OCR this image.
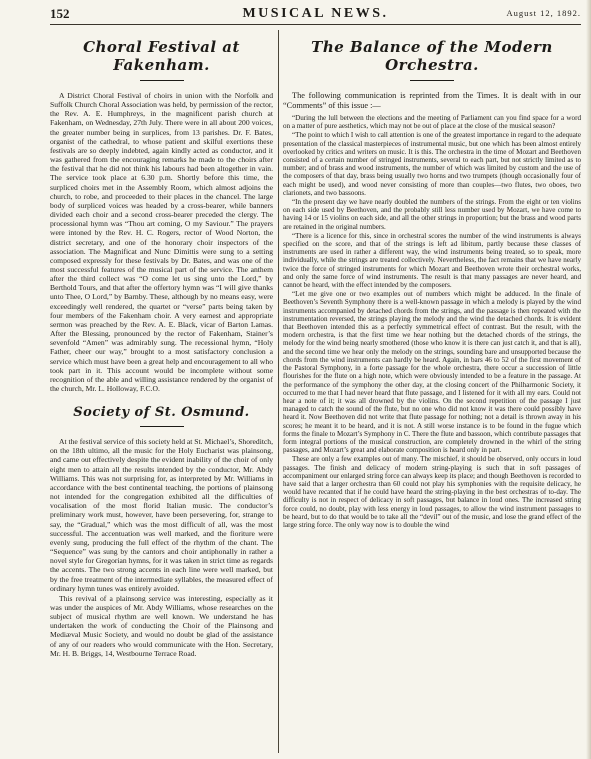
152	MUSICAL NEWS.	August 12, 1892.
Choral Festival at Fakenham.

A District Choral Festival of choirs in union with the Norfolk and Suffolk Church Choral Association was held, by permission of the rector, the Rev. A. E. Humphreys, in the magnificent parish church at Fakenham, on Wednesday, 27th July. There were in all about 200 voices, the greater number being in surplices, from 13 parishes. Dr. F. Bates, organist of the cathedral, to whose patient and skilful exertions these festivals are so deeply indebted, again kindly acted as conductor, and it was gathered from the encouraging remarks he made to the choirs after the festival that he did not think his labours had been altogether in vain. The service took place at 6.30 p.m. Shortly before this time, the surpliced choirs met in the Assembly Room, which almost adjoins the church, to robe, and proceeded to their places in the chancel. The large body of surpliced voices was headed by a cross-bearer, while banners divided each choir and a second cross-bearer preceded the clergy. The processional hymn was “Thou art coming, O my Saviour.” The prayers were intoned by the Rev. H. C. Rogers, rector of Wood Norton, the district secretary, and one of the honorary choir inspectors of the association. The Magnificat and Nunc Dimittis were sung to a setting composed expressly for these festivals by Dr. Bates, and was one of the most successful features of the musical part of the service. The anthem after the third collect was “O come let us sing unto the Lord,” by Berthold Tours, and that after the offertory hymn was “I will give thanks unto Thee, O Lord,” by Barnby. These, although by no means easy, were exceedingly well rendered, the quartet or “verse” parts being taken by four members of the Fakenham choir. A very earnest and appropriate sermon was preached by the Rev. A. E. Black, vicar of Barton Lamas. After the Blessing, pronounced by the rector of Fakenham, Stainer’s sevenfold “Amen” was admirably sung. The recessional hymn, “Holy Father, cheer our way,” brought to a most satisfactory conclusion a service which must have been a great help and encouragement to all who took part in it. This account would be incomplete without some recognition of the able and willing assistance rendered by the organist of the church, Mr. L. Holloway, F.C.O.

Society of St. Osmund.

At the festival service of this society held at St. Michael’s, Shoreditch, on the 18th ultimo, all the music for the Holy Eucharist was plainsong, and came out effectively despite the evident inability of the choir of only eight men to attain all the results intended by the conductor, Mr. Abdy Williams. This was not surprising for, as interpreted by Mr. Williams in accordance with the best continental teaching, the portions of plainsong not intended for the congregation exhibited all the difficulties of vocalisation of the most florid Italian music. The conductor’s preliminary work must, however, have been persevering, for, strange to say, the “Gradual,” which was the most difficult of all, was the most successful. The accentuation was well marked, and the fioriture were evenly sung, producing the full effect of the rhythm of the chant. The “Sequence” was sung by the cantors and choir antiphonally in rather a novel style for Gregorian hymns, for it was taken in strict time as regards the accents. The two strong accents in each line were well marked, but by the free treatment of the intermediate syllables, the measured effect of ordinary hymn tunes was entirely avoided.

This revival of a plainsong service was interesting, especially as it was under the auspices of Mr. Abdy Williams, whose researches on the subject of musical rhythm are well known. We understand he has undertaken the work of conducting the Choir of the Plainsong and Mediæval Music Society, and would no doubt be glad of the assistance of any of our readers who would communicate with the Hon. Secretary, Mr. H. B. Briggs, 14, Westbourne Terrace Road.

The Balance of the Modern Orchestra.

The following communication is reprinted from the Times. It is dealt with in our “Comments” of this issue :—

“During the lull between the elections and the meeting of Parliament can you find space for a word on a matter of pure aesthetics, which may not be out of place at the close of the musical season?

“The point to which I wish to call attention is one of the greatest importance in regard to the adequate presentation of the classical masterpieces of instrumental music, but one which has been almost entirely overlooked by critics and writers on music. It is this. The orchestra in the time of Mozart and Beethoven consisted of a certain number of stringed instruments, several to each part, but not strictly limited as to number; and of brass and wood instruments, the number of which was limited by custom and the use of the composers of that day, brass being usually two horns and two trumpets (though occasionally four of each might be used), and wood never consisting of more than couples—two flutes, two oboes, two clarionets, and two bassoons.

“In the present day we have nearly doubled the numbers of the strings. From the eight or ten violins on each side used by Beethoven, and the probably still less number used by Mozart, we have come to having 14 or 15 violins on each side, and all the other strings in proportion; but the brass and wood parts are retained in the original numbers.

“There is a licence for this, since in orchestral scores the number of the wind instruments is always specified on the score, and that of the strings is left ad libitum, partly because these classes of instruments are used in rather a different way, the wind instruments being treated, so to speak, more individually, while the strings are treated collectively. Nevertheless, the fact remains that we have nearly twice the force of stringed instruments for which Mozart and Beethoven wrote their orchestral works, and only the same force of wind instruments. The result is that many passages are never heard, and cannot be heard, with the effect intended by the composers.

“Let me give one or two examples out of numbers which might be adduced. In the finale of Beethoven’s Seventh Symphony there is a well-known passage in which a melody is played by the wind instruments accompanied by detached chords from the strings, and the passage is then repeated with the instrumentation reversed, the strings playing the melody and the wind the detached chords. It is evident that Beethoven intended this as a perfectly symmetrical effect of contrast. But the result, with the modern orchestra, is that the first time we hear nothing but the detached chords of the strings, the melody for the wind being nearly smothered (those who know it is there can just catch it, and that is all), and the second time we hear only the melody on the strings, sounding bare and unsupported because the chords from the wind instruments can hardly be heard. Again, in bars 46 to 52 of the first movement of the Pastoral Symphony, in a forte passage for the whole orchestra, there occur a succession of little flourishes for the flute on a high note, which were obviously intended to be a feature in the passage. At the performance of the symphony the other day, at the closing concert of the Philharmonic Society, it occurred to me that I had never heard that flute passage, and I listened for it with all my ears. Could not hear a note of it; it was all drowned by the violins. On the second repetition of the passage I just managed to catch the sound of the flute, but no one who did not know it was there could possibly have heard it. Now Beethoven did not write that flute passage for nothing; not a detail is thrown away in his scores; he meant it to be heard, and it is not. A still worse instance is to be found in the fugue which forms the finale to Mozart’s Symphony in C. There the flute and bassoon, which contribute passages that form integral portions of the musical construction, are completely drowned in the whirl of the string passages, and Mozart’s great and elaborate composition is heard only in part.

These are only a few examples out of many. The mischief, it should be observed, only occurs in loud passages. The finish and delicacy of modern string-playing is such that in soft passages of accompaniment our enlarged string force can always keep its place; and though Beethoven is recorded to have said that a larger orchestra than 60 could not play his symphonies with the requisite delicacy, he would have recanted that if he could have heard the string-playing in the best orchestras of to-day. The difficulty is not in respect of delicacy in soft passages, but balance in loud ones. The increased string force could, no doubt, play with less energy in loud passages, to allow the wind instrument passages to be heard, but to do that would be to take all the “devil” out of the music, and lose the grand effect of the large string force. The only way now is to double the wind
